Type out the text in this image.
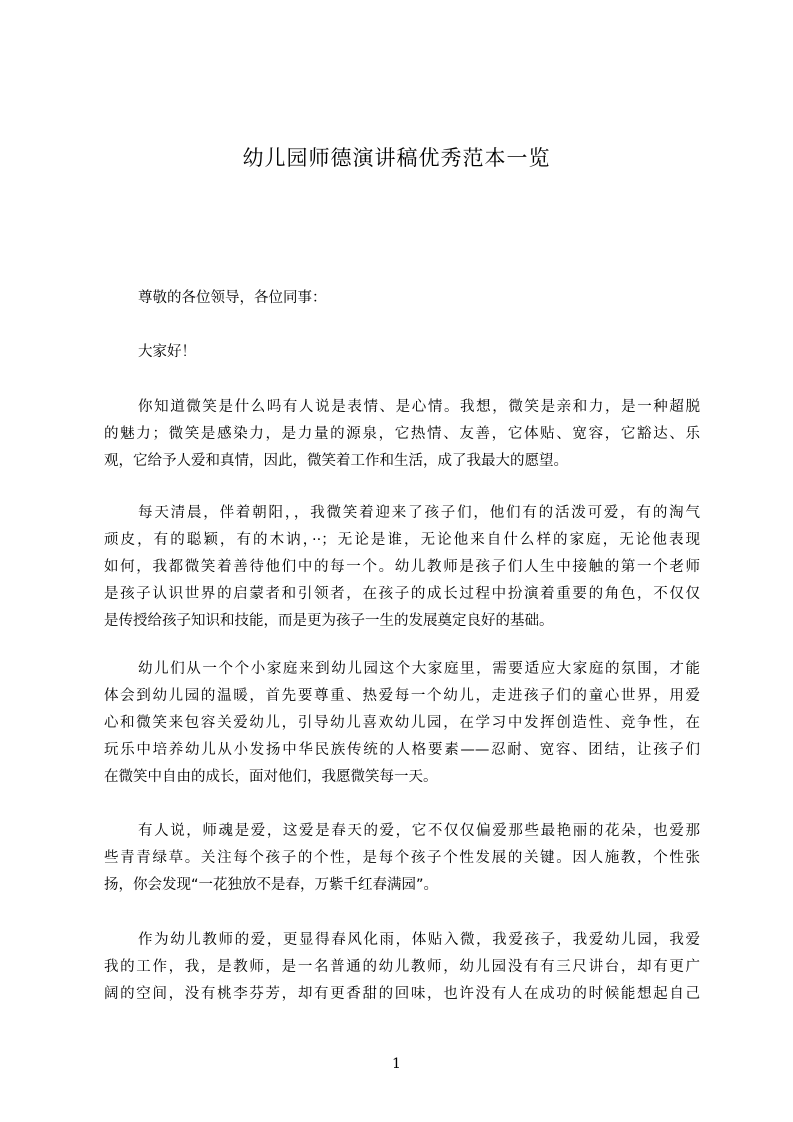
幼儿园师德演讲稿优秀范本一览
尊敬的各位领导，各位同事：
大家好！
你知道微笑是什么吗有人说是表情、是心情。我想，微笑是亲和力，是一种超脱
的魅力；微笑是感染力，是力量的源泉，它热情、友善，它体贴、宽容，它豁达、乐
观，它给予人爱和真情，因此，微笑着工作和生活，成了我最大的愿望。
每天清晨，伴着朝阳，，我微笑着迎来了孩子们，他们有的活泼可爱，有的淘气
顽皮，有的聪颖，有的木讷，··；无论是谁，无论他来自什么样的家庭，无论他表现
如何，我都微笑着善待他们中的每一个。幼儿教师是孩子们人生中接触的第一个老师
是孩子认识世界的启蒙者和引领者，在孩子的成长过程中扮演着重要的角色，不仅仅
是传授给孩子知识和技能，而是更为孩子一生的发展奠定良好的基础。
幼儿们从一个个小家庭来到幼儿园这个大家庭里，需要适应大家庭的氛围，才能
体会到幼儿园的温暖，首先要尊重、热爱每一个幼儿，走进孩子们的童心世界，用爱
心和微笑来包容关爱幼儿，引导幼儿喜欢幼儿园，在学习中发挥创造性、竞争性，在
玩乐中培养幼儿从小发扬中华民族传统的人格要素——忍耐、宽容、团结，让孩子们
在微笑中自由的成长，面对他们，我愿微笑每一天。
有人说，师魂是爱，这爱是春天的爱，它不仅仅偏爱那些最艳丽的花朵，也爱那
些青青绿草。关注每个孩子的个性，是每个孩子个性发展的关键。因人施教，个性张
扬，你会发现“一花独放不是春，万紫千红春满园”。
作为幼儿教师的爱，更显得春风化雨，体贴入微，我爱孩子，我爱幼儿园，我爱
我的工作，我，是教师，是一名普通的幼儿教师，幼儿园没有有三尺讲台，却有更广
阔的空间，没有桃李芬芳，却有更香甜的回味，也许没有人在成功的时候能想起自己
1
